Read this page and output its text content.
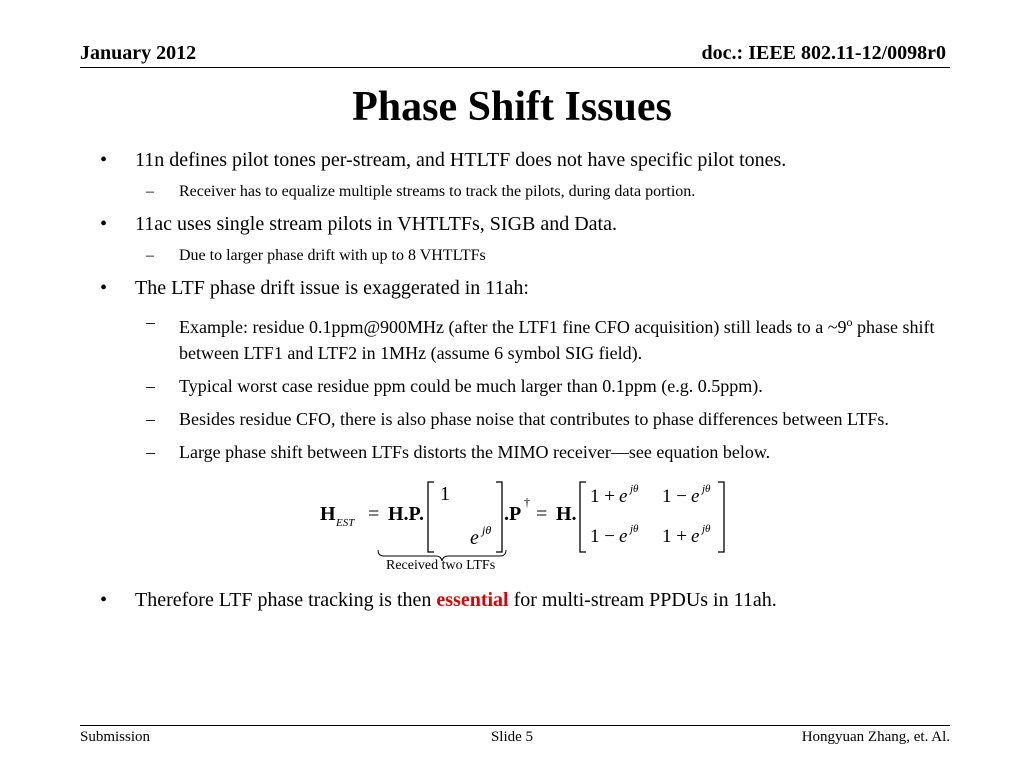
January 2012	doc.: IEEE 802.11-12/0098r0
Phase Shift Issues
• 11n defines pilot tones per-stream, and HTLTF does not have specific pilot tones.
– Receiver has to equalize multiple streams to track the pilots, during data portion.
• 11ac uses single stream pilots in VHTLTFs, SIGB and Data.
– Due to larger phase drift with up to 8 VHTLTFs
• The LTF phase drift issue is exaggerated in 11ah:
– Example: residue 0.1ppm@900MHz (after the LTF1 fine CFO acquisition) still leads to a ~9$^o$ phase shift between LTF1 and LTF2 in 1MHz (assume 6 symbol SIG field).
– Typical worst case residue ppm could be much larger than 0.1ppm (e.g. 0.5ppm).
– Besides residue CFO, there is also phase noise that contributes to phase differences between LTFs.
– Large phase shift between LTFs distorts the MIMO receiver—see equation below.
H EST = H.P.
1
e jθ
.P
†
= H.
1 + e jθ 1 − e jθ
1 − e jθ 1 + e jθ
Received two LTFs
• Therefore LTF phase tracking is then essential for multi-stream PPDUs in 11ah.
Submission	Slide 5	Hongyuan Zhang, et. Al.
